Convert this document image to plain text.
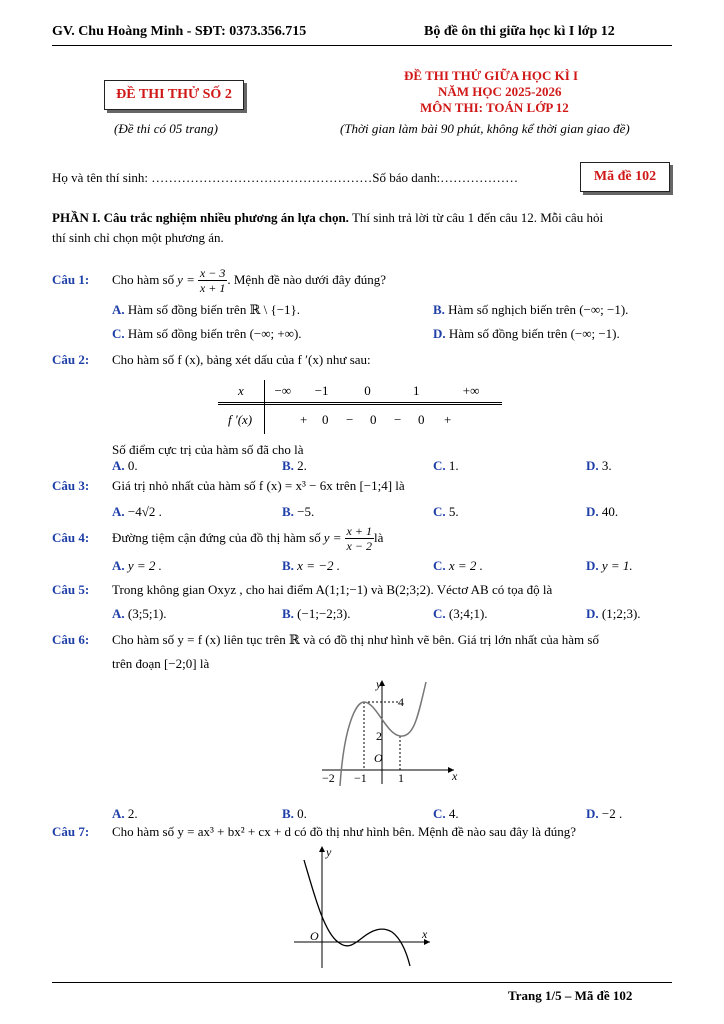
GV. Chu Hoàng Minh - SĐT: 0373.356.715	Bộ đề ôn thi giữa học kì I lớp 12
ĐỀ THI THỬ SỐ 2
(Đề thi có 05 trang)
ĐỀ THI THỬ GIỮA HỌC KÌ I
NĂM HỌC 2025-2026
MÔN THI: TOÁN LỚP 12
(Thời gian làm bài 90 phút, không kể thời gian giao đề)
Họ và tên thí sinh: ……………………………………………Số báo danh:………………	Mã đề 102
PHẦN I. Câu trắc nghiệm nhiều phương án lựa chọn. Thí sinh trả lời từ câu 1 đến câu 12. Mỗi câu hỏi
thí sinh chỉ chọn một phương án.
Câu 1: Cho hàm số $y = \frac{x - 3}{x + 1}$ . Mệnh đề nào dưới đây đúng?
A. Hàm số đồng biến trên ℝ \ {−1}.	B. Hàm số nghịch biến trên (−∞; −1).
C. Hàm số đồng biến trên (−∞; +∞).	D. Hàm số đồng biến trên (−∞; −1).
Câu 2: Cho hàm số f (x), bảng xét dấu của f ′(x) như sau:
x	−∞	−1	0	1	+∞
f ′(x)	+ 0 − 0 − 0 +
Số điểm cực trị của hàm số đã cho là
A. 0.	B. 2.	C. 1.	D. 3.
Câu 3: Giá trị nhỏ nhất của hàm số f (x) = x³ − 6x trên [−1;4] là
A. −4√2 .	B. −5.	C. 5.	D. 40.
Câu 4: Đường tiệm cận đứng của đồ thị hàm số $y = \frac{x + 1}{x - 2}$ là
A. y = 2 .	B. x = −2 .	C. x = 2 .	D. y = 1.
Câu 5: Trong không gian Oxyz , cho hai điểm A(1;1;−1) và B(2;3;2). Véctơ AB có tọa độ là
A. (3;5;1).	B. (−1;−2;3).	C. (3;4;1).	D. (1;2;3).
Câu 6: Cho hàm số y = f (x) liên tục trên ℝ và có đồ thị như hình vẽ bên. Giá trị lớn nhất của hàm số
trên đoạn [−2;0] là
y
4
2
O
x
−2 −1	1
A. 2.	B. 0.	C. 4.	D. −2 .
Câu 7: Cho hàm số y = ax³ + bx² + cx + d có đồ thị như hình bên. Mệnh đề nào sau đây là đúng?
y
x
O
Trang 1/5 – Mã đề 102
